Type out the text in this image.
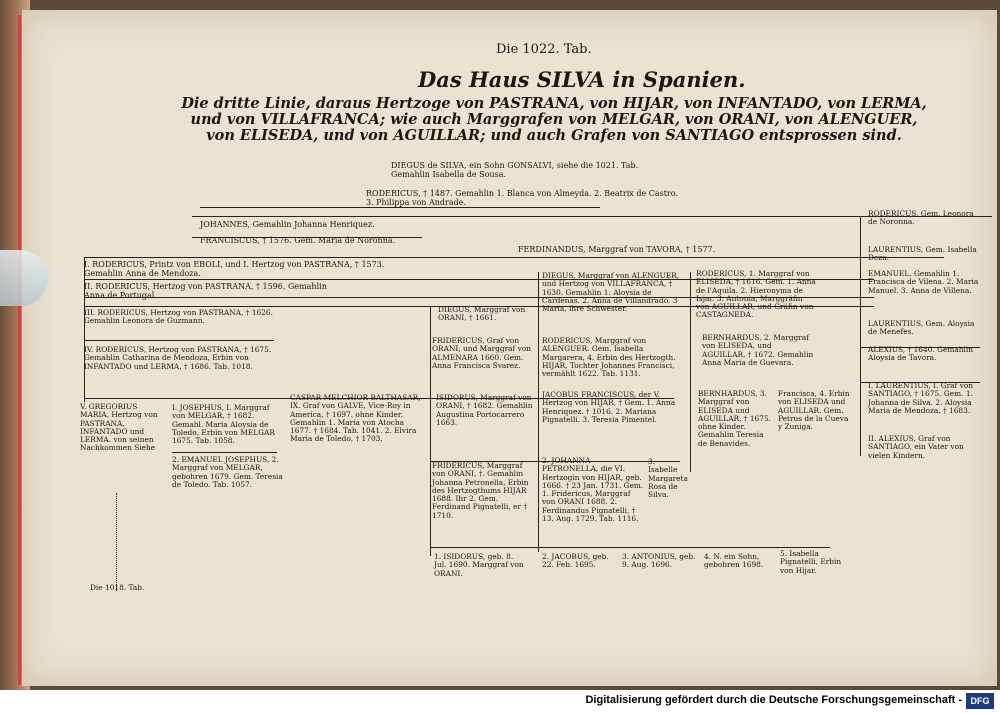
Die 1022. Tab.
Das Haus SILVA in Spanien.
Die dritte Linie, daraus Hertzoge von PASTRANA, von HIJAR, von INFANTADO, von LERMA, und von VILLAFRANCA; wie auch Marggrafen von MELGAR, von ORANI, von ALENGUER, von ELISEDA, und von AGUILLAR; und auch Grafen von SANTIAGO entsprossen sind.
DIEGUS de SILVA, ein Sohn GONSALVI, siehe die 1021. Tab.
Gemahlin Isabella de Sousa.
RODERICUS, † 1487. Gemahlin 1. Blanca von Almeyda. 2. Beatrix de Castro.
3. Philippa von Andrade.
JOHANNES, Gemahlin Johanna Henriquez.
FRANCISCUS, † 1576. Gem. Maria de Noronna.
I. RODERICUS, Printz von EBOLI, und I. Hertzog von PASTRANA, † 1573.
Gemahlin Anna de Mendoza.
FERDINANDUS, Marggraf von TAVORA, † 1577.
II. RODERICUS, Hertzog von PASTRANA, † 1596. Gemahlin
Anna de Portugal.
III. RODERICUS, Hertzog von PASTRANA, † 1626. Gemahlin Leonora de Guzmann.
IV. RODERICUS, Hertzog von PASTRANA, † 1675. Gemahlin Catharina de Mendoza, Erbin von INFANTADO und LERMA, † 1686. Tab. 1018.
V. GREGORIUS MARIA, Hertzog von PASTRANA, INFANTADO und LERMA. von seinen Nachkommen Siehe
I. JOSEPHUS, I. Marggraf von MELGAR, † 1682. Gemahl. Maria Aloysia de Toledo, Erbin von MELGAR 1675. Tab. 1058.
2. EMANUEL JOSEPHUS, 2. Marggraf von MELGAR, gebohren 1679. Gem. Teresia de Toledo. Tab. 1057.
CASPAR MELCHIOR BALTHASAR, IX. Graf von GALVE, Vice-Roy in America, † 1697. ohne Kinder. Gemahlin 1. Maria von Atocha 1677. † 1684. Tab. 1041. 2. Elvira Maria de Toledo, † 1703.
Die 1018. Tab.
DIEGUS, Marggraf von ORANI, † 1661.
FRIDERICUS, Graf von ORANI, und Marggraf von ALMENARA 1660. Gem. Anna Francisca Svarez.
ISIDORUS, Marggraf von ORANI, † 1682. Gemahlin Augustina Portocarrero 1663.
FRIDERICUS, Marggraf von ORANI, †. Gemahlin Johanna Petronella, Erbin des Hertzogthums HIJAR 1688. Ihr 2. Gem. Ferdinand Pignatelli, er † 1710.
DIEGUS, Marggraf von ALENGUER, und Hertzog von VILLAFRANCA, † 1630. Gemahlin 1. Aloysia de Cardenas. 2. Anna de Villandrado. 3 Maria, ihre Schwester.
RODERICUS, Marggraf von ALENGUER. Gem. Isabella Margarera, 4. Erbin des Hertzogth. HIJAR, Tochter Johannes Francisci, vermählt 1622. Tab. 1131.
JACOBUS FRANCISCUS, der V. Hertzog von HIJAR, † Gem. 1. Anna Henriquez. † 1016. 2. Mariana Pignatelli. 3. Teresia Pimentel.
2. JOHANNA PETRONELLA, die VI. Hertzogin von HIJAR, geb. 1666. † 23 Jan. 1731. Gem. 1. Fridericus, Marggraf von ORANI 1688. 2. Ferdinandus Pignatelli, † 13. Aug. 1729. Tab. 1116.
3. Isabelle Margareta Rosa de Silva.
RODERICUS, 1. Marggraf von ELISEDA, † 1616. Gem. 1. Anna de l'Aquila. 2. Hieronyma de Isjar. 3. Antonia, Marggräfin von AGUILLAR, und Gräfin von CASTAGNEDA.
BERNHARDUS, 2. Marggraf von ELISEDA, und AGUILLAR, † 1672. Gemahlin Anna Maria de Guevara.
BERNHARDUS, 3. Marggraf von ELISEDA und AGUILLAR, † 1675. ohne Kinder. Gemahlin Teresia de Benavides.
Francisca, 4. Erbin von ELISEDA und AGUILLAR. Gem. Petrus de la Cueva y Zuniga.
RODERICUS, Gem. Leonora de Noronna.
LAURENTIUS, Gem. Isabella Deza.
EMANUEL, Gemahlin 1. Francisca de Vilena. 2. Maria Manuel. 3. Anna de Villena.
LAURENTIUS, Gem. Aloysia de Menefes.
ALEXIUS, † 1640. Gemahlin Aloysia de Tavora.
I. LAURENTIUS, I. Graf von SANTIAGO, † 1675. Gem. 1. Johanna de Silva. 2. Aloysia Maria de Mendoza, † 1683.
II. ALEXIUS, Graf von SANTIAGO, ein Vater von vielen Kindern.
1. ISIDORUS, geb. 8. Jul. 1690. Marggraf von ORANI.
2. JACOBUS, geb. 22. Feb. 1695.
3. ANTONIUS, geb. 9. Aug. 1696.
4. N. ein Sohn, gebohren 1698.
5. Isabella Pignatelli, Erbin von Hijar.
Digitalisierung gefördert durch die Deutsche Forschungsgemeinschaft - DFG
